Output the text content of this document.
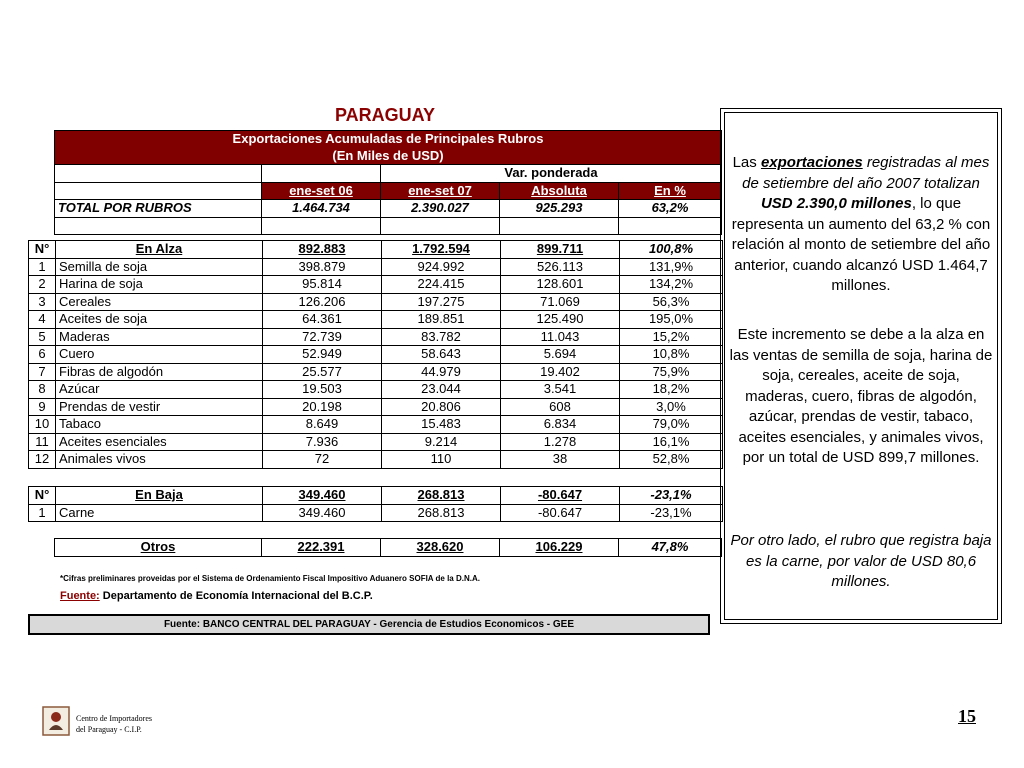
PARAGUAY
	Exportaciones Acumuladas de Principales Rubros				
	(En Miles de USD)				
			Var. ponderada		
		ene-set 06	ene-set 07	Absoluta	En %
	TOTAL POR RUBROS	1.464.734	2.390.027	925.293	63,2%

N°	En Alza	892.883	1.792.594	899.711	100,8%
1	Semilla de soja	398.879	924.992	526.113	131,9%
2	Harina de soja	95.814	224.415	128.601	134,2%
3	Cereales	126.206	197.275	71.069	56,3%
4	Aceites de soja	64.361	189.851	125.490	195,0%
5	Maderas	72.739	83.782	11.043	15,2%
6	Cuero	52.949	58.643	5.694	10,8%
7	Fibras de algodón	25.577	44.979	19.402	75,9%
8	Azúcar	19.503	23.044	3.541	18,2%
9	Prendas de vestir	20.198	20.806	608	3,0%
10	Tabaco	8.649	15.483	6.834	79,0%
11	Aceites esenciales	7.936	9.214	1.278	16,1%
12	Animales vivos	72	110	38	52,8%
N°	En Baja	349.460	268.813	-80.647	-23,1%
1	Carne	349.460	268.813	-80.647	-23,1%
	Otros	222.391	328.620	106.229	47,8%
*Cifras preliminares proveidas por el Sistema de Ordenamiento Fiscal Impositivo Aduanero SOFIA de la D.N.A.
Fuente: Departamento de Economía Internacional del B.C.P.
Fuente: BANCO CENTRAL DEL PARAGUAY - Gerencia de Estudios Economicos - GEE

Las exportaciones registradas al mes de setiembre del año 2007 totalizan USD 2.390,0 millones, lo que representa un aumento del 63,2 % con relación al monto de setiembre del año anterior, cuando alcanzó USD 1.464,7 millones.

Este incremento se debe a la alza en las ventas de semilla de soja, harina de soja, cereales, aceite de soja, maderas, cuero, fibras de algodón, azúcar, prendas de vestir, tabaco, aceites esenciales, y animales vivos, por un total de USD 899,7 millones.

Por otro lado, el rubro que registra baja es la carne, por valor de USD 80,6 millones.

Centro de Importadores
del Paraguay - C.I.P.
15
